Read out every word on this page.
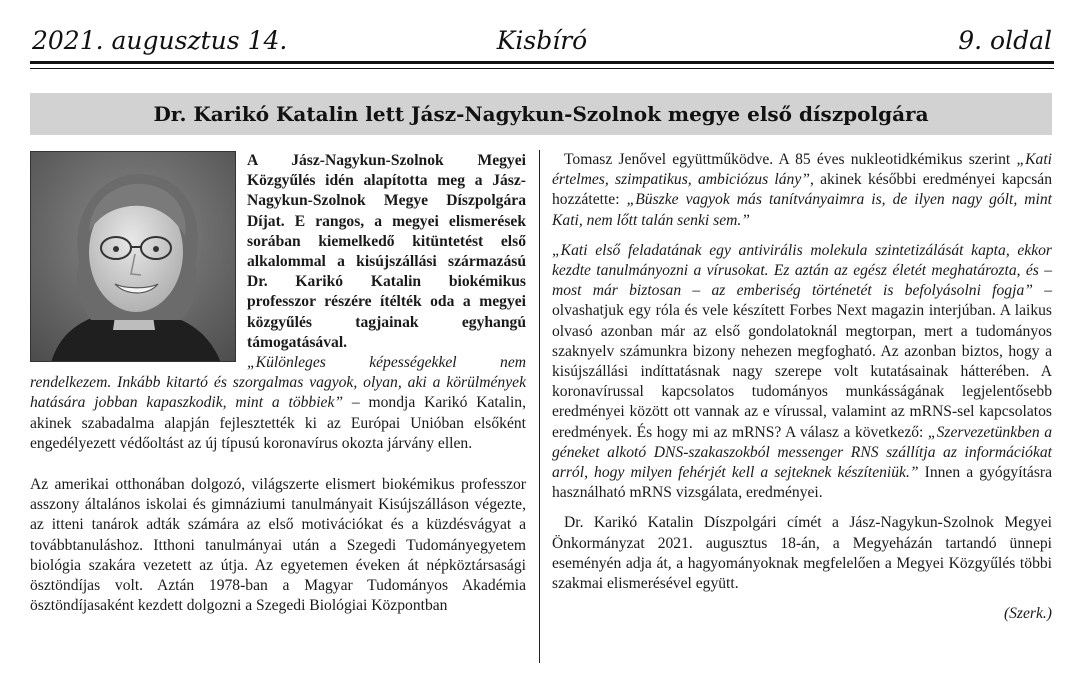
2021. augusztus 14.	Kisbíró	9. oldal
Dr. Karikó Katalin lett Jász-Nagykun-Szolnok megye első díszpolgára

A Jász-Nagykun-Szolnok Megyei Közgyűlés idén alapította meg a Jász-Nagykun-Szolnok Megye Díszpolgára Díjat. E rangos, a megyei elismerések sorában kiemelkedő kitüntetést első alkalommal a kisújszállási származású Dr. Karikó Katalin biokémikus professzor részére ítélték oda a megyei közgyűlés tagjainak egyhangú támogatásával.

„Különleges képességekkel nem rendelkezem. Inkább kitartó és szorgalmas vagyok, olyan, aki a körülmények hatására jobban kapaszkodik, mint a többiek” – mondja Karikó Katalin, akinek szabadalma alapján fejlesztették ki az Európai Unióban elsőként engedélyezett védőoltást az új típusú koronavírus okozta járvány ellen.

Az amerikai otthonában dolgozó, világszerte elismert biokémikus professzor asszony általános iskolai és gimnáziumi tanulmányait Kisújszálláson végezte, az itteni tanárok adták számára az első motivációkat és a küzdésvágyat a továbbtanuláshoz. Itthoni tanulmányai után a Szegedi Tudományegyetem biológia szakára vezetett az útja. Az egyetemen éveken át népköztársasági ösztöndíjas volt. Aztán 1978-ban a Magyar Tudományos Akadémia ösztöndíjasaként kezdett dolgozni a Szegedi Biológiai Központban

Tomasz Jenővel együttműködve. A 85 éves nukleotidkémikus szerint „Kati értelmes, szimpatikus, ambiciózus lány”, akinek későbbi eredményei kapcsán hozzátette: „Büszke vagyok más tanítványaimra is, de ilyen nagy gólt, mint Kati, nem lőtt talán senki sem.”

„Kati első feladatának egy antivirális molekula szintetizálását kapta, ekkor kezdte tanulmányozni a vírusokat. Ez aztán az egész életét meghatározta, és – most már biztosan – az emberiség történetét is befolyásolni fogja” – olvashatjuk egy róla és vele készített Forbes Next magazin interjúban. A laikus olvasó azonban már az első gondolatoknál megtorpan, mert a tudományos szaknyelv számunkra bizony nehezen megfogható. Az azonban biztos, hogy a kisújszállási indíttatásnak nagy szerepe volt kutatásainak hátterében. A koronavírussal kapcsolatos tudományos munkásságának legjelentősebb eredményei között ott vannak az e vírussal, valamint az mRNS-sel kapcsolatos eredmények. És hogy mi az mRNS? A válasz a következő: „Szervezetünkben a géneket alkotó DNS-szakaszokból messenger RNS szállítja az információkat arról, hogy milyen fehérjét kell a sejteknek készíteniük.” Innen a gyógyításra használható mRNS vizsgálata, eredményei.

Dr. Karikó Katalin Díszpolgári címét a Jász-Nagykun-Szolnok Megyei Önkormányzat 2021. augusztus 18-án, a Megyeházán tartandó ünnepi eseményén adja át, a hagyományoknak megfelelően a Megyei Közgyűlés többi szakmai elismerésével együtt.

(Szerk.)
